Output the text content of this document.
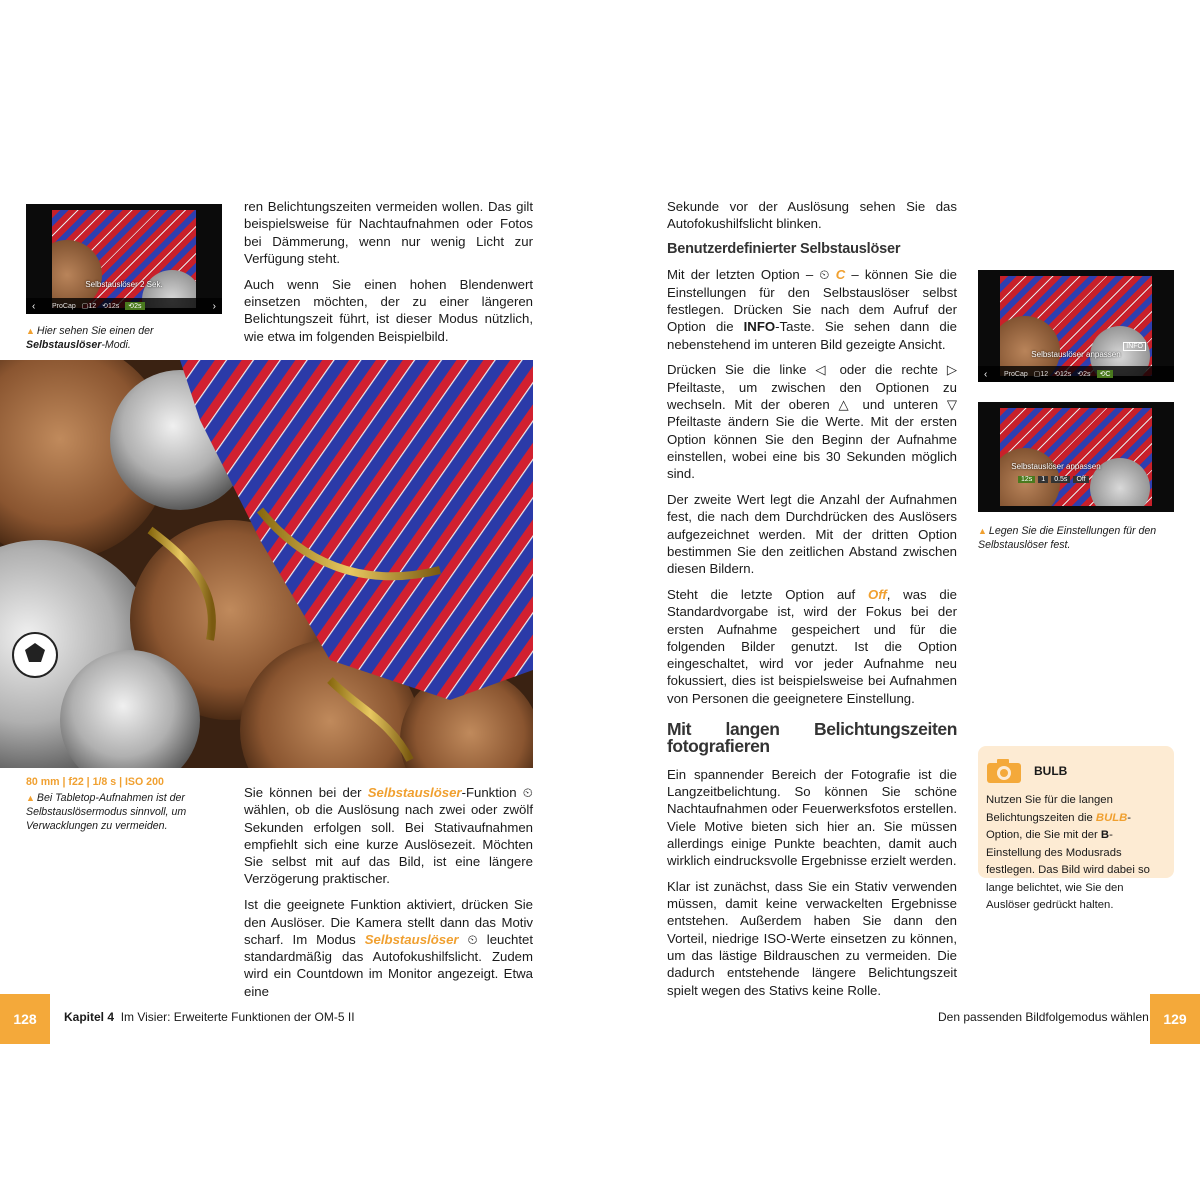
Selbstauslöser 2 Sek.
ProCap ▢12 ⟲12s	⟲2s
‹	›
▲ Hier sehen Sie einen der
Selbstauslöser-Modi.

ren Belichtungszeiten vermeiden wollen. Das gilt beispielsweise für Nachtaufnahmen oder Fotos bei Dämmerung, wenn nur wenig Licht zur Verfügung steht.

Auch wenn Sie einen hohen Blendenwert einsetzen möchten, der zu einer längeren Belichtungszeit führt, ist dieser Modus nützlich, wie etwa im folgenden Beispielbild.

80 mm | f22 | 1/8 s | ISO 200
▲ Bei Tabletop-Aufnahmen ist der Selbstauslösermodus sinnvoll, um Verwacklungen zu vermeiden.

Sie können bei der Selbstauslöser-Funktion ⏲ wählen, ob die Auslösung nach zwei oder zwölf Sekunden erfolgen soll. Bei Stativaufnahmen empfiehlt sich eine kurze Auslösezeit. Möchten Sie selbst mit auf das Bild, ist eine längere Verzögerung praktischer.

Ist die geeignete Funktion aktiviert, drücken Sie den Auslöser. Die Kamera stellt dann das Motiv scharf. Im Modus Selbstauslöser ⏲ leuchtet standardmäßig das Autofokushilfslicht. Zudem wird ein Countdown im Monitor angezeigt. Etwa eine

128	Kapitel 4 Im Visier: Erweiterte Funktionen der OM-5 II

Sekunde vor der Auslösung sehen Sie das Autofokushilfslicht blinken.

Benutzerdefinierter Selbstauslöser

Mit der letzten Option – ⏲ C – können Sie die Einstellungen für den Selbstauslöser selbst festlegen. Drücken Sie nach dem Aufruf der Option die INFO-Taste. Sie sehen dann die nebenstehend im unteren Bild gezeigte Ansicht.

Drücken Sie die linke ◁ oder die rechte ▷ Pfeiltaste, um zwischen den Optionen zu wechseln. Mit der oberen △ und unteren ▽ Pfeiltaste ändern Sie die Werte. Mit der ersten Option können Sie den Beginn der Aufnahme einstellen, wobei eine bis 30 Sekunden möglich sind.

Der zweite Wert legt die Anzahl der Aufnahmen fest, die nach dem Durchdrücken des Auslösers aufgezeichnet werden. Mit der dritten Option bestimmen Sie den zeitlichen Abstand zwischen diesen Bildern.

Steht die letzte Option auf Off, was die Standardvorgabe ist, wird der Fokus bei der ersten Aufnahme gespeichert und für die folgenden Bilder genutzt. Ist die Option eingeschaltet, wird vor jeder Aufnahme neu fokussiert, dies ist beispielsweise bei Aufnahmen von Personen die geeignetere Einstellung.

Mit langen Belichtungszeiten fotografieren

Ein spannender Bereich der Fotografie ist die Langzeitbelichtung. So können Sie schöne Nachtaufnahmen oder Feuerwerksfotos erstellen. Viele Motive bieten sich hier an. Sie müssen allerdings einige Punkte beachten, damit auch wirklich eindrucksvolle Ergebnisse erzielt werden.

Klar ist zunächst, dass Sie ein Stativ verwenden müssen, damit keine verwackelten Ergebnisse entstehen. Außerdem haben Sie dann den Vorteil, niedrige ISO-Werte einsetzen zu können, um das lästige Bildrauschen zu vermeiden. Die dadurch entstehende längere Belichtungszeit spielt wegen des Stativs keine Rolle.

Selbstauslöser anpassen
INFO
ProCap ▢12 ⟲12s ⟲2s	⟲C
‹
Selbstauslöser anpassen
12s	1	0.5s	Off
▲ Legen Sie die Einstellungen für den Selbstauslöser fest.
BULB
Nutzen Sie für die langen Belichtungszeiten die BULB-Option, die Sie mit der B-Einstellung des Modusrads festlegen. Das Bild wird dabei so lange belichtet, wie Sie den Auslöser gedrückt halten.
Den passenden Bildfolgemodus wählen	129
